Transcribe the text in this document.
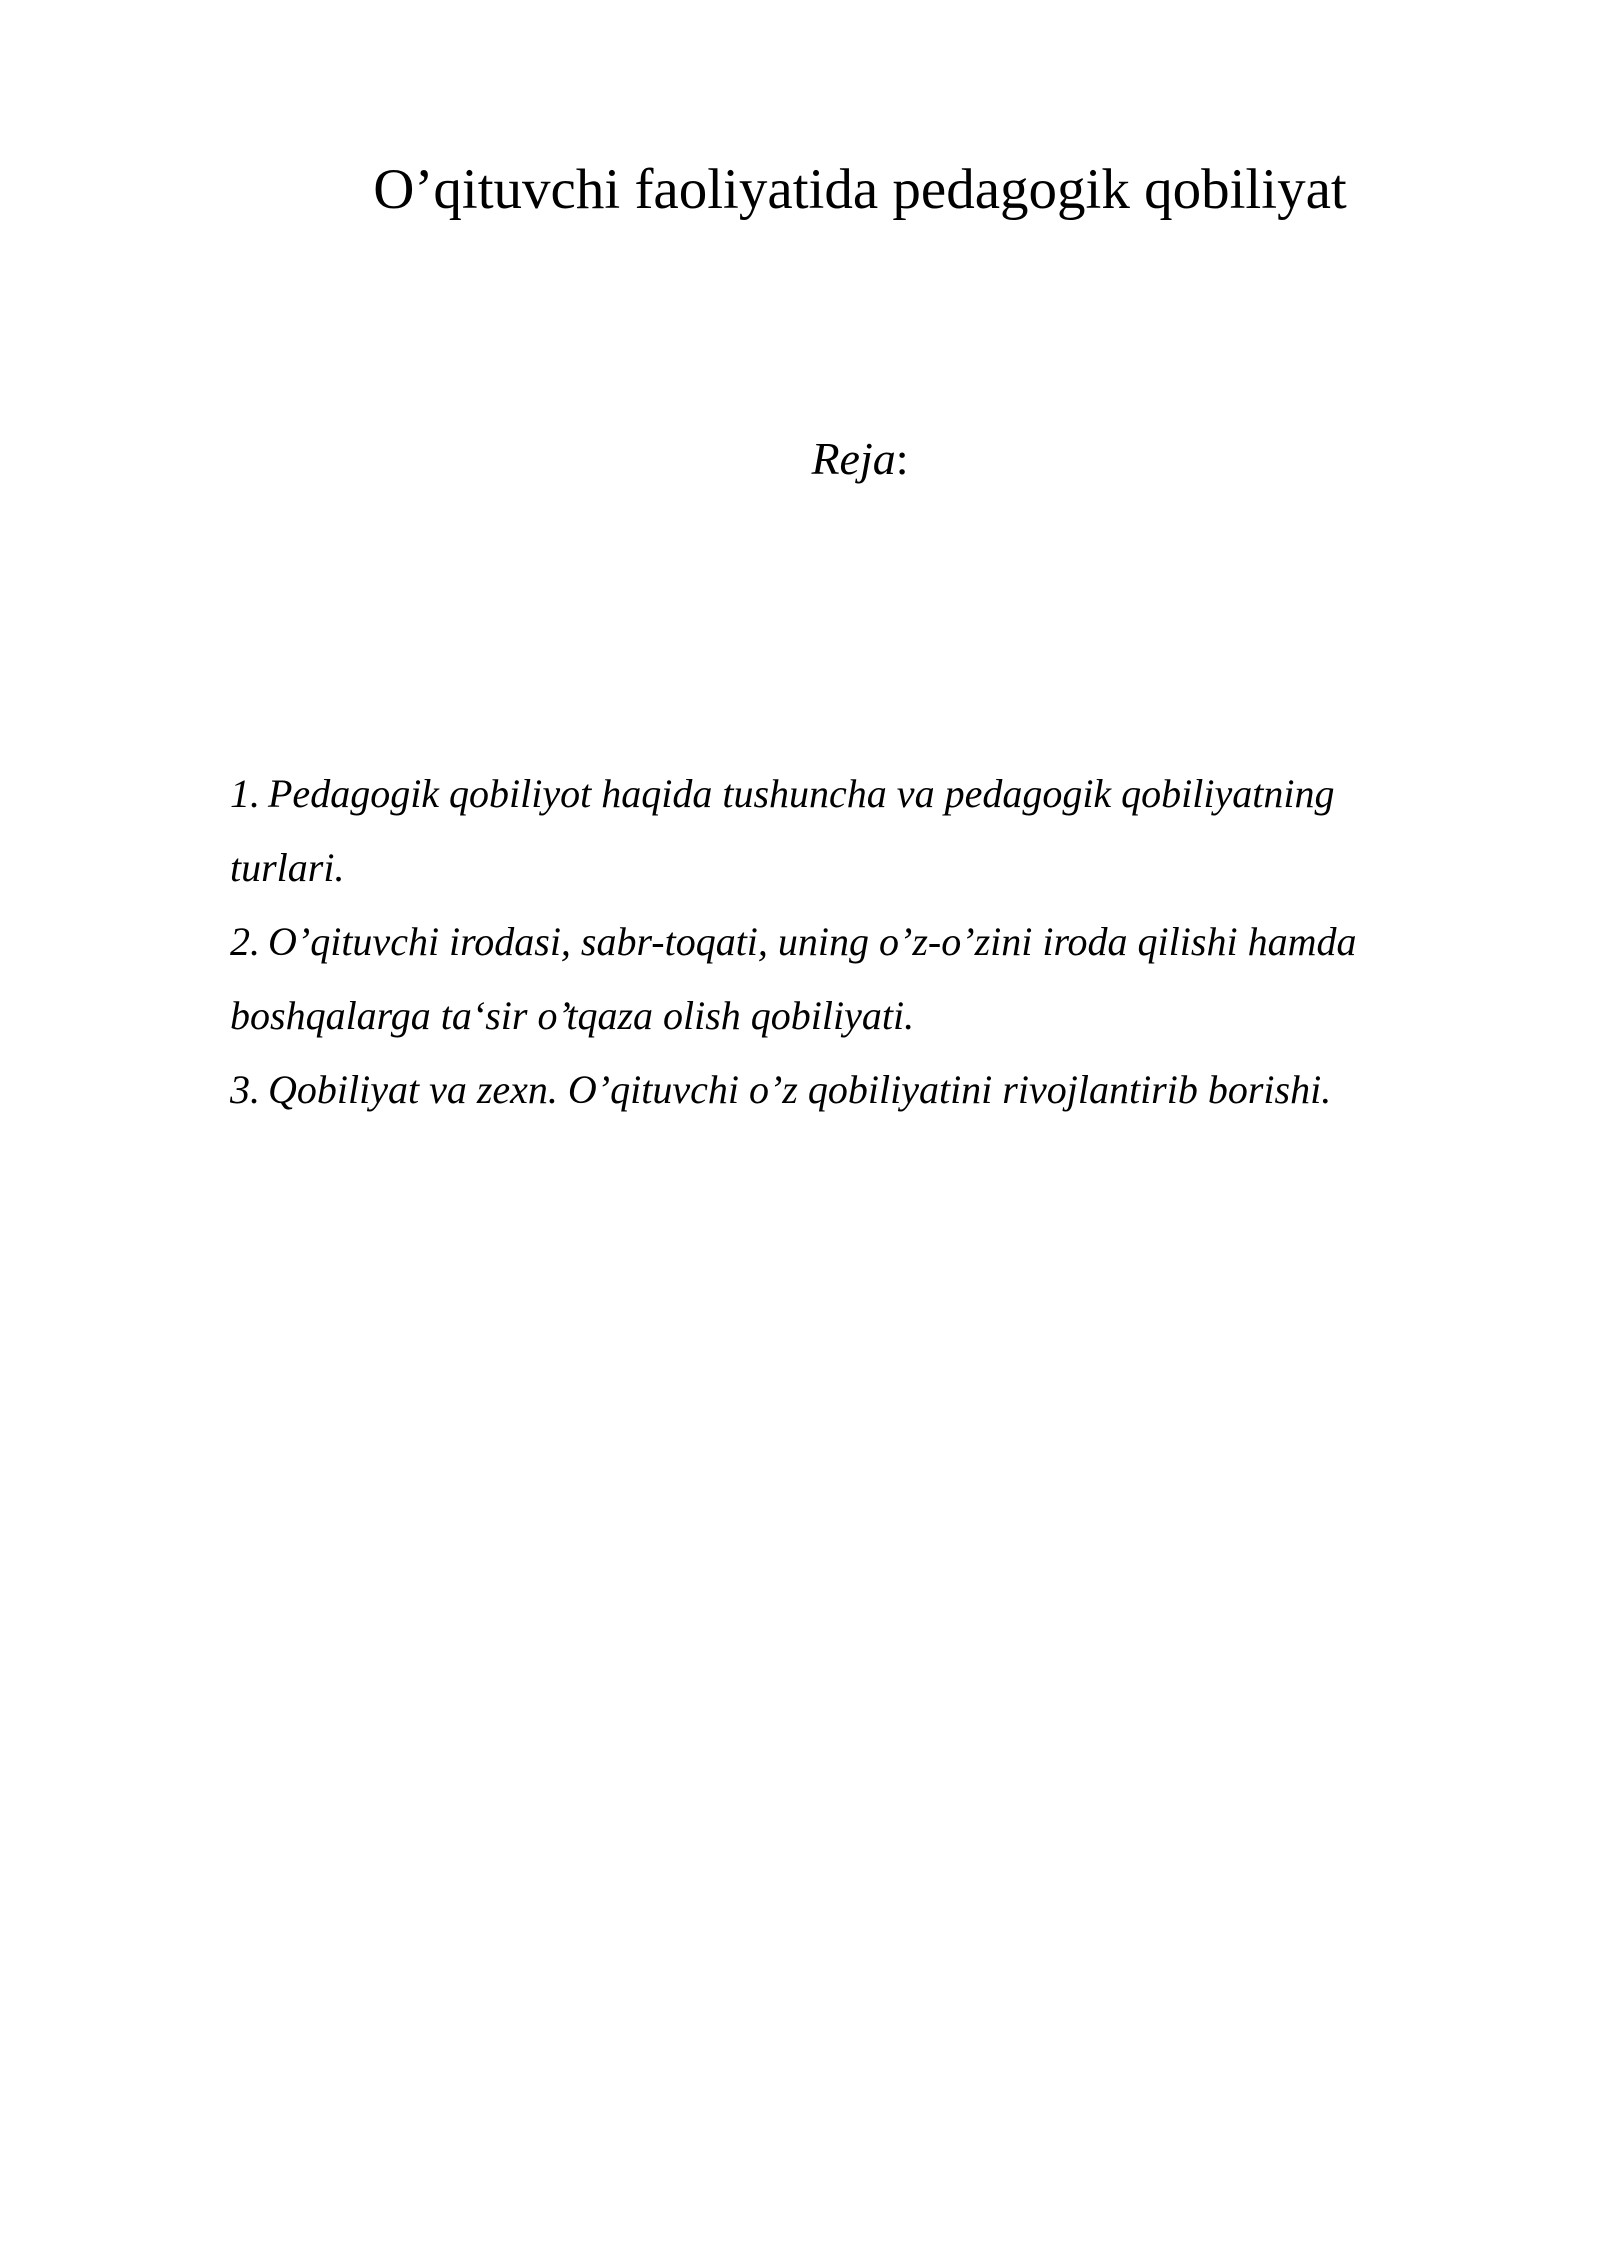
O’qituvchi faoliyatida pedagogik qobiliyat

Reja:

1. Pedagogik qobiliyot haqida tushuncha va pedagogik qobiliyatning
turlari.
2. O’qituvchi irodasi, sabr-toqati, uning o’z-o’zini iroda qilishi hamda
boshqalarga ta‘sir o’tqaza olish qobiliyati.
3. Qobiliyat va zexn. O’qituvchi o’z qobiliyatini rivojlantirib borishi.
